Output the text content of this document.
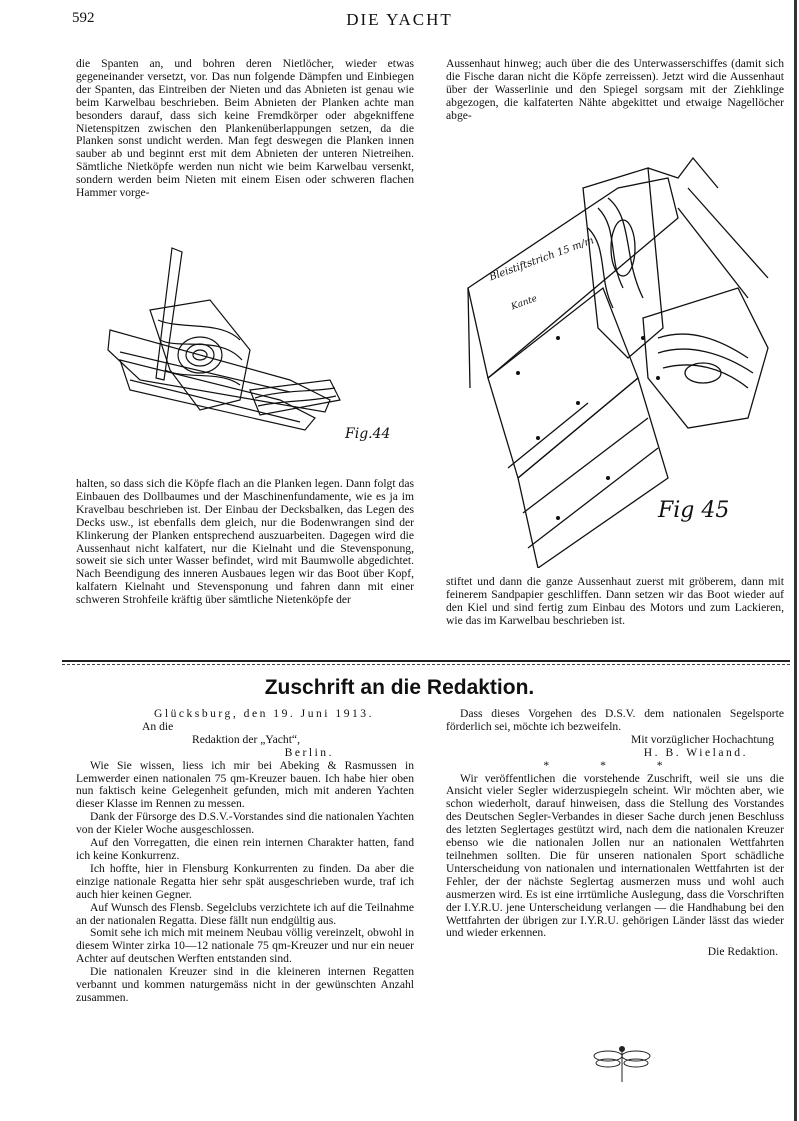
592	DIE YACHT

die Spanten an, und bohren deren Nietlöcher, wieder etwas gegeneinander versetzt, vor. Das nun folgende Dämpfen und Einbiegen der Spanten, das Eintreiben der Nieten und das Abnieten ist genau wie beim Karwelbau beschrieben. Beim Abnieten der Planken achte man besonders darauf, dass sich keine Fremdkörper oder abgekniffene Nietenspitzen zwischen den Plankenüberlappungen setzen, da die Planken sonst undicht werden. Man fegt deswegen die Planken innen sauber ab und beginnt erst mit dem Abnieten der unteren Nietreihen. Sämtliche Nietköpfe werden nun nicht wie beim Karwelbau versenkt, sondern werden beim Nieten mit einem Eisen oder schweren flachen Hammer vorge-

Fig.44

halten, so dass sich die Köpfe flach an die Planken legen. Dann folgt das Einbauen des Dollbaumes und der Maschinenfundamente, wie es ja im Kravelbau beschrieben ist. Der Einbau der Decksbalken, das Legen des Decks usw., ist ebenfalls dem gleich, nur die Bodenwrangen sind der Klinkerung der Planken entsprechend auszuarbeiten. Dagegen wird die Aussenhaut nicht kalfatert, nur die Kielnaht und die Stevensponung, soweit sie sich unter Wasser befindet, wird mit Baumwolle abgedichtet. Nach Beendigung des inneren Ausbaues legen wir das Boot über Kopf, kalfatern Kielnaht und Stevensponung und fahren dann mit einer schweren Strohfeile kräftig über sämtliche Nietenköpfe der

Aussenhaut hinweg; auch über die des Unterwasserschiffes (damit sich die Fische daran nicht die Köpfe zerreissen). Jetzt wird die Aussenhaut über der Wasserlinie und den Spiegel sorgsam mit der Ziehklinge abgezogen, die kalfaterten Nähte abgekittet und etwaige Nagellöcher abge-

Bleistiftstrich 15 m/m
Kante
Fig 45

stiftet und dann die ganze Aussenhaut zuerst mit gröberem, dann mit feinerem Sandpapier geschliffen. Dann setzen wir das Boot wieder auf den Kiel und sind fertig zum Einbau des Motors und zum Lackieren, wie das im Karwelbau beschrieben ist.

Zuschrift an die Redaktion.
Glücksburg, den 19. Juni 1913.
An die
Redaktion der „Yacht“,
Berlin.

Wie Sie wissen, liess ich mir bei Abeking & Rasmussen in Lemwerder einen nationalen 75 qm-Kreuzer bauen. Ich habe hier oben nun faktisch keine Gelegenheit gefunden, mich mit anderen Yachten dieser Klasse im Rennen zu messen.

Dank der Fürsorge des D.S.V.-Vorstandes sind die nationalen Yachten von der Kieler Woche ausgeschlossen.

Auf den Vorregatten, die einen rein internen Charakter hatten, fand ich keine Konkurrenz.

Ich hoffte, hier in Flensburg Konkurrenten zu finden. Da aber die einzige nationale Regatta hier sehr spät ausgeschrieben wurde, traf ich auch hier keinen Gegner.

Auf Wunsch des Flensb. Segelclubs verzichtete ich auf die Teilnahme an der nationalen Regatta. Diese fällt nun endgültig aus.

Somit sehe ich mich mit meinem Neubau völlig vereinzelt, obwohl in diesem Winter zirka 10—12 nationale 75 qm-Kreuzer und nur ein neuer Achter auf deutschen Werften entstanden sind.

Die nationalen Kreuzer sind in die kleineren internen Regatten verbannt und kommen naturgemäss nicht in der gewünschten Anzahl zusammen.

Dass dieses Vorgehen des D.S.V. dem nationalen Segelsporte förderlich sei, möchte ich bezweifeln.

Mit vorzüglicher Hochachtung
H. B. Wieland.
* * *

Wir veröffentlichen die vorstehende Zuschrift, weil sie uns die Ansicht vieler Segler widerzuspiegeln scheint. Wir möchten aber, wie schon wiederholt, darauf hinweisen, dass die Stellung des Vorstandes des Deutschen Segler-Verbandes in dieser Sache durch jenen Beschluss des letzten Seglertages gestützt wird, nach dem die nationalen Kreuzer ebenso wie die nationalen Jollen nur an nationalen Wettfahrten teilnehmen sollten. Die für unseren nationalen Sport schädliche Unterscheidung von nationalen und internationalen Wettfahrten ist der Fehler, der der nächste Seglertag ausmerzen muss und wohl auch ausmerzen wird. Es ist eine irrtümliche Auslegung, dass die Vorschriften der I.Y.R.U. jene Unterscheidung verlangen — die Handhabung bei den Wettfahrten der übrigen zur I.Y.R.U. gehörigen Länder lässt das wieder und wieder erkennen.

Die Redaktion.
